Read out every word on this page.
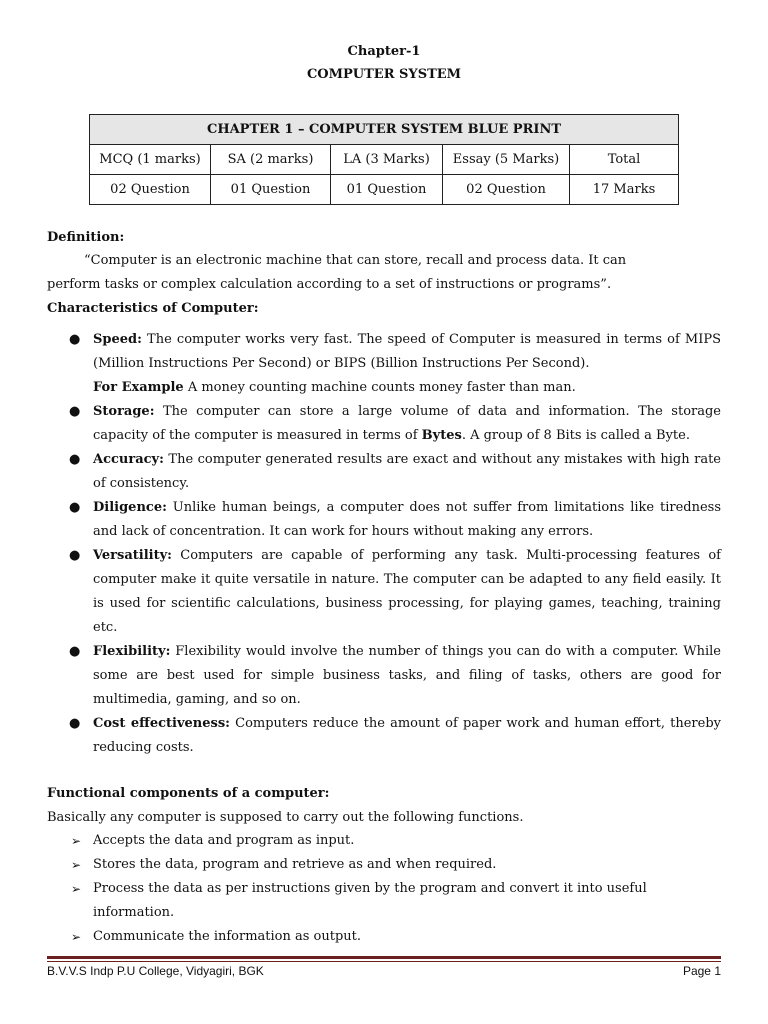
Chapter-1
COMPUTER SYSTEM
CHAPTER 1 – COMPUTER SYSTEM BLUE PRINT				
MCQ (1 marks)	SA (2 marks)	LA (3 Marks)	Essay (5 Marks)	Total
02 Question	01 Question	01 Question	02 Question	17 Marks
Definition:
“Computer is an electronic machine that can store, recall and process data. It can
perform tasks or complex calculation according to a set of instructions or programs”.
Characteristics of Computer:
● Speed: The computer works very fast. The speed of Computer is measured in terms of MIPS (Million Instructions Per Second) or BIPS (Billion Instructions Per Second).
For Example A money counting machine counts money faster than man.
● Storage: The computer can store a large volume of data and information. The storage capacity of the computer is measured in terms of Bytes. A group of 8 Bits is called a Byte.
● Accuracy: The computer generated results are exact and without any mistakes with high rate of consistency.
● Diligence: Unlike human beings, a computer does not suffer from limitations like tiredness and lack of concentration. It can work for hours without making any errors.
● Versatility: Computers are capable of performing any task. Multi-processing features of computer make it quite versatile in nature. The computer can be adapted to any field easily. It is used for scientific calculations, business processing, for playing games, teaching, training etc.
● Flexibility: Flexibility would involve the number of things you can do with a computer. While some are best used for simple business tasks, and filing of tasks, others are good for multimedia, gaming, and so on.
● Cost effectiveness: Computers reduce the amount of paper work and human effort, thereby reducing costs.
Functional components of a computer:
Basically any computer is supposed to carry out the following functions.
➢ Accepts the data and program as input.
➢ Stores the data, program and retrieve as and when required.
➢ Process the data as per instructions given by the program and convert it into useful information.
➢ Communicate the information as output.
B.V.V.S Indp P.U College, Vidyagiri, BGK	Page 1
